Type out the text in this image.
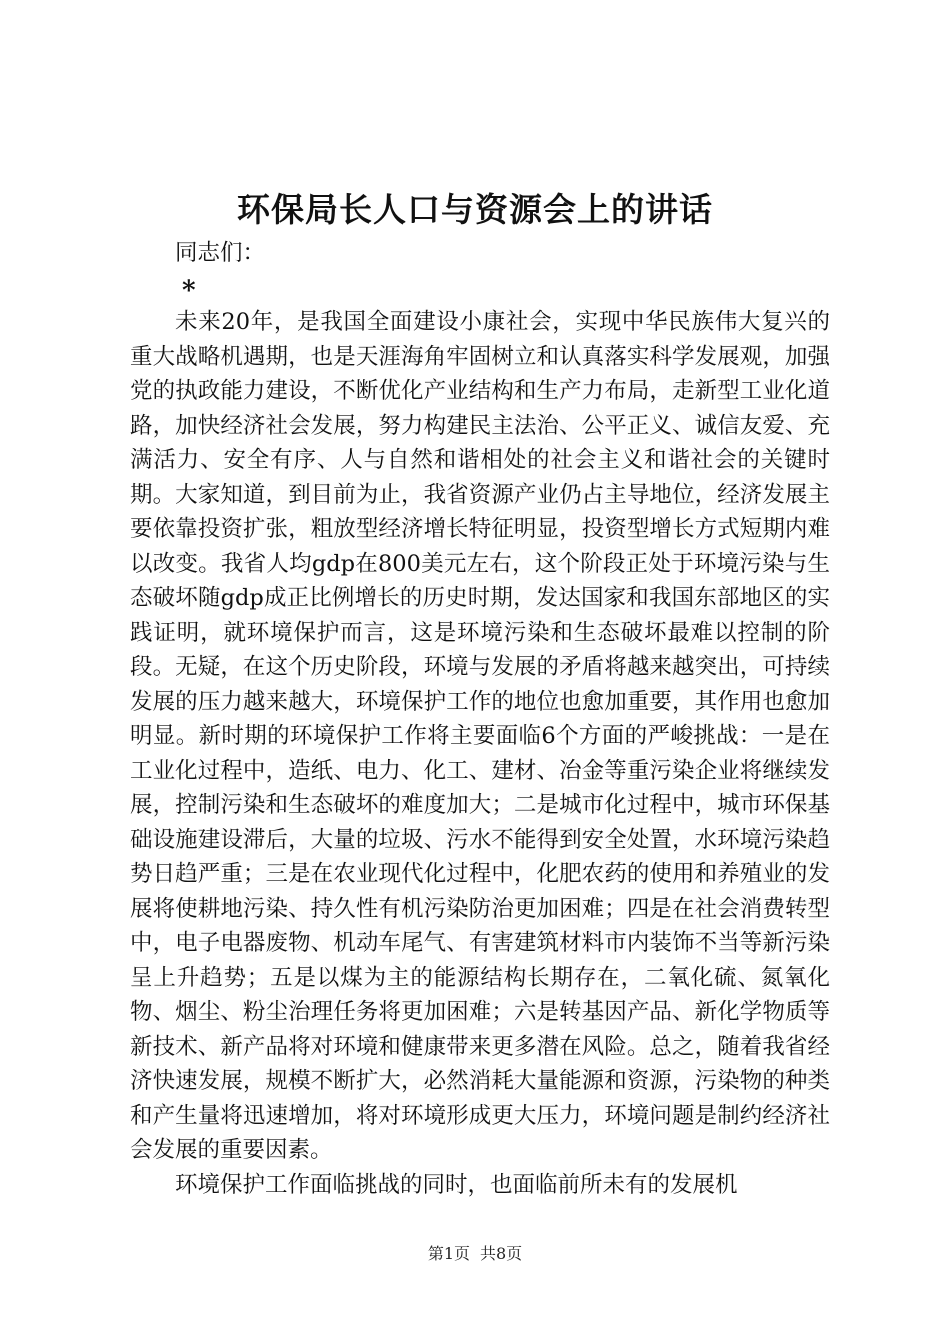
环保局长人口与资源会上的讲话

同志们：

*

未来20年，是我国全面建设小康社会，实现中华民族伟大复兴的重大战略机遇期，也是天涯海角牢固树立和认真落实科学发展观，加强党的执政能力建设，不断优化产业结构和生产力布局，走新型工业化道路，加快经济社会发展，努力构建民主法治、公平正义、诚信友爱、充满活力、安全有序、人与自然和谐相处的社会主义和谐社会的关键时期。大家知道，到目前为止，我省资源产业仍占主导地位，经济发展主要依靠投资扩张，粗放型经济增长特征明显，投资型增长方式短期内难以改变。我省人均gdp在800美元左右，这个阶段正处于环境污染与生态破坏随gdp成正比例增长的历史时期，发达国家和我国东部地区的实践证明，就环境保护而言，这是环境污染和生态破坏最难以控制的阶段。无疑，在这个历史阶段，环境与发展的矛盾将越来越突出，可持续发展的压力越来越大，环境保护工作的地位也愈加重要，其作用也愈加明显。新时期的环境保护工作将主要面临6个方面的严峻挑战：一是在工业化过程中，造纸、电力、化工、建材、冶金等重污染企业将继续发展，控制污染和生态破坏的难度加大；二是城市化过程中，城市环保基础设施建设滞后，大量的垃圾、污水不能得到安全处置，水环境污染趋势日趋严重；三是在农业现代化过程中，化肥农药的使用和养殖业的发展将使耕地污染、持久性有机污染防治更加困难；四是在社会消费转型中，电子电器废物、机动车尾气、有害建筑材料市内装饰不当等新污染呈上升趋势；五是以煤为主的能源结构长期存在，二氧化硫、氮氧化物、烟尘、粉尘治理任务将更加困难；六是转基因产品、新化学物质等新技术、新产品将对环境和健康带来更多潜在风险。总之，随着我省经济快速发展，规模不断扩大，必然消耗大量能源和资源，污染物的种类和产生量将迅速增加，将对环境形成更大压力，环境问题是制约经济社会发展的重要因素。

环境保护工作面临挑战的同时，也面临前所未有的发展机

第1页 共8页
